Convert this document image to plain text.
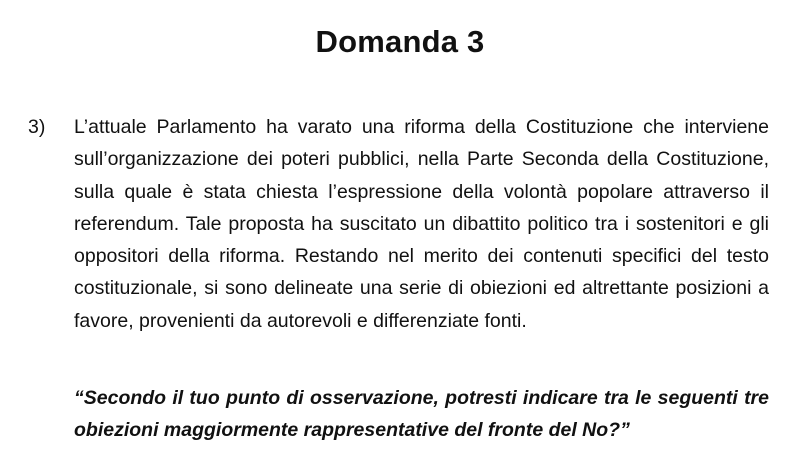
Domanda 3
3) L’attuale Parlamento ha varato una riforma della Costituzione che interviene sull’organizzazione dei poteri pubblici, nella Parte Seconda della Costituzione, sulla quale è stata chiesta l’espressione della volontà popolare attraverso il referendum. Tale proposta ha suscitato un dibattito politico tra i sostenitori e gli oppositori della riforma. Restando nel merito dei contenuti specifici del testo costituzionale, si sono delineate una serie di obiezioni ed altrettante posizioni a favore, provenienti da autorevoli e differenziate fonti.

“Secondo il tuo punto di osservazione, potresti indicare tra le seguenti tre obiezioni maggiormente rappresentative del fronte del No?”
